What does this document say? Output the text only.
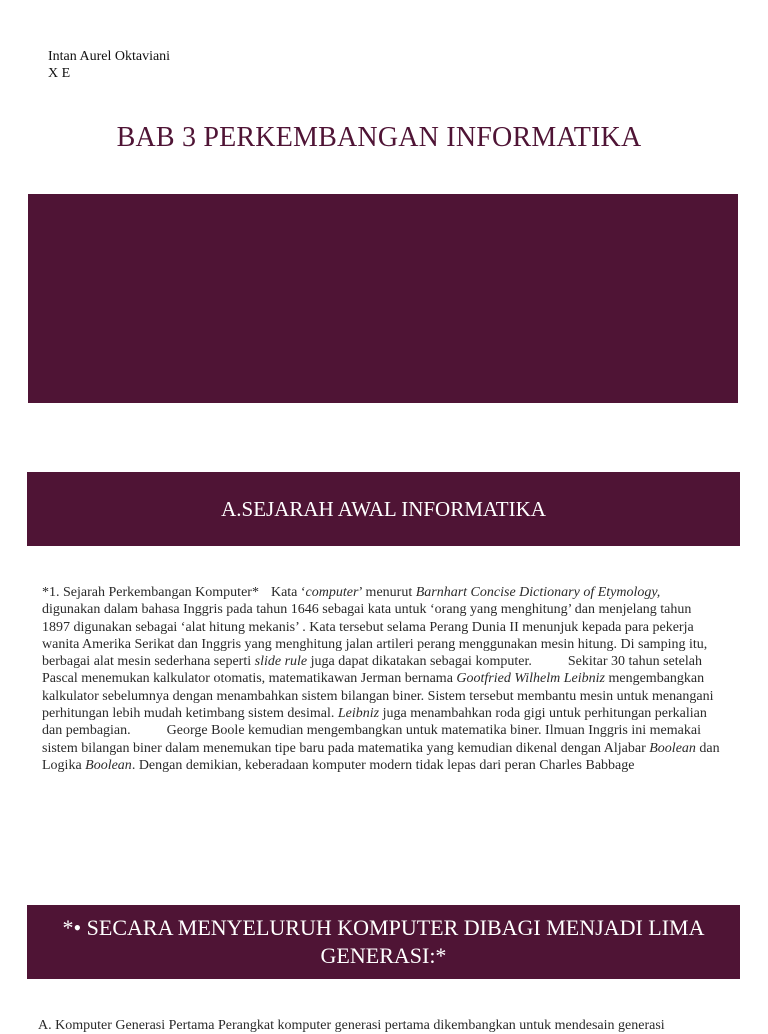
Intan Aurel Oktaviani
X E
BAB 3 PERKEMBANGAN INFORMATIKA
A.SEJARAH AWAL INFORMATIKA
*1. Sejarah Perkembangan Komputer* Kata ‘computer’ menurut Barnhart Concise Dictionary of Etymology, digunakan dalam bahasa Inggris pada tahun 1646 sebagai kata untuk ‘orang yang menghitung’ dan menjelang tahun 1897 digunakan sebagai ‘alat hitung mekanis’ . Kata tersebut selama Perang Dunia II menunjuk kepada para pekerja wanita Amerika Serikat dan Inggris yang menghitung jalan artileri perang menggunakan mesin hitung. Di samping itu, berbagai alat mesin sederhana seperti slide rule juga dapat dikatakan sebagai komputer.	Sekitar 30 tahun setelah Pascal menemukan kalkulator otomatis, matematikawan Jerman bernama Gootfried Wilhelm Leibniz mengembangkan kalkulator sebelumnya dengan menambahkan sistem bilangan biner. Sistem tersebut membantu mesin untuk menangani perhitungan lebih mudah ketimbang sistem desimal. Leibniz juga menambahkan roda gigi untuk perhitungan perkalian dan pembagian.	George Boole kemudian mengembangkan untuk matematika biner. Ilmuan Inggris ini memakai sistem bilangan biner dalam menemukan tipe baru pada matematika yang kemudian dikenal dengan Aljabar Boolean dan Logika Boolean. Dengan demikian, keberadaan komputer modern tidak lepas dari peran Charles Babbage
*• SECARA MENYELURUH KOMPUTER DIBAGI MENJADI LIMA GENERASI:*
A. Komputer Generasi Pertama Perangkat komputer generasi pertama dikembangkan untuk mendesain generasi
